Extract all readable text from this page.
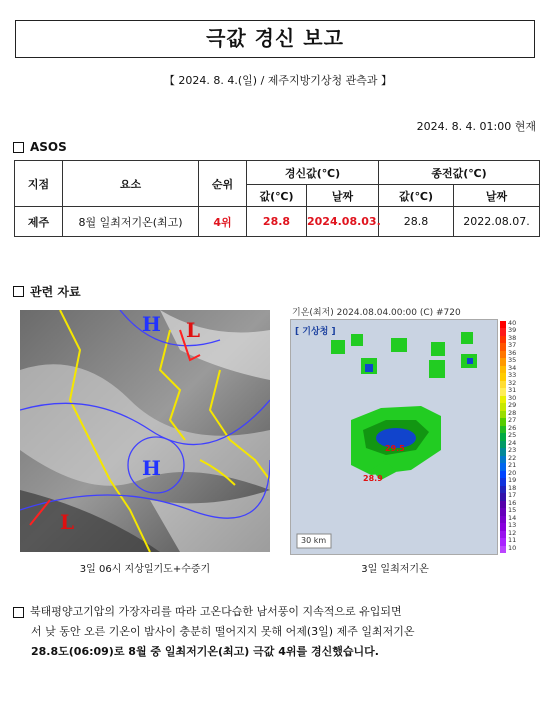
극값 경신 보고
【 2024. 8. 4.(일) / 제주지방기상청 관측과 】
2024. 8. 4. 01:00 현재
ASOS
지점	요소	순위	경신값(℃)		종전값(℃)	
			값(℃)	날짜	값(℃)	날짜
제주	8월 일최저기온(최고)	4위	28.8	2024.08.03.	28.8	2022.08.07.
관련 자료
H
H
L
L
3일 06시 지상일기도+수증기
기온(최저) 2024.08.04.00:00 (C) #720
[ 기상청 ]
29.5
28.9
30 km
40
39
38
37
36
35
34
33
32
31
30
29
28
27
26
25
24
23
22
21
20
19
18
17
16
15
14
13
12
11
10
3일 일최저기온
북태평양고기압의 가장자리를 따라 고온다습한 남서풍이 지속적으로 유입되면
서 낮 동안 오른 기온이 밤사이 충분히 떨어지지 못해 어제(3일) 제주 일최저기온
28.8도(06:09)로 8월 중 일최저기온(최고) 극값 4위를 경신했습니다.
